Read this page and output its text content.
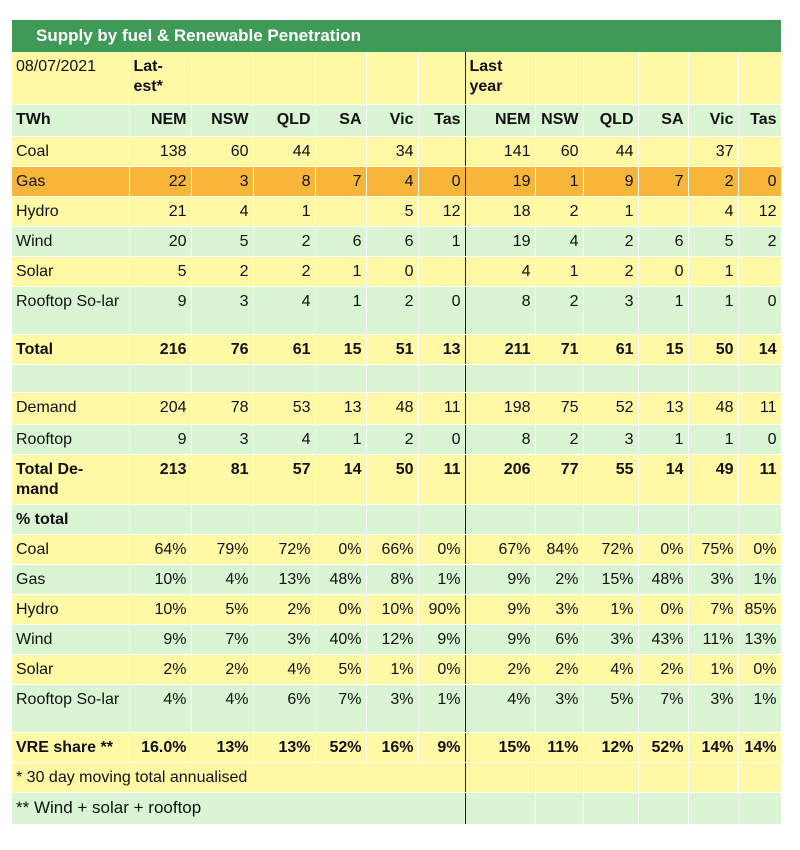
Supply by fuel & Renewable Penetration
08/07/2021	Lat-est*						Last year					
TWh	NEM	NSW	QLD	SA	Vic	Tas	NEM	NSW	QLD	SA	Vic	Tas
Coal	138	60	44		34		141	60	44		37	
Gas	22	3	8	7	4	0	19	1	9	7	2	0
Hydro	21	4	1		5	12	18	2	1		4	12
Wind	20	5	2	6	6	1	19	4	2	6	5	2
Solar	5	2	2	1	0		4	1	2	0	1	
Rooftop So-lar	9	3	4	1	2	0	8	2	3	1	1	0
Total	216	76	61	15	51	13	211	71	61	15	50	14

Demand	204	78	53	13	48	11	198	75	52	13	48	11
Rooftop	9	3	4	1	2	0	8	2	3	1	1	0
Total De-mand	213	81	57	14	50	11	206	77	55	14	49	11
% total												
Coal	64%	79%	72%	0%	66%	0%	67%	84%	72%	0%	75%	0%
Gas	10%	4%	13%	48%	8%	1%	9%	2%	15%	48%	3%	1%
Hydro	10%	5%	2%	0%	10%	90%	9%	3%	1%	0%	7%	85%
Wind	9%	7%	3%	40%	12%	9%	9%	6%	3%	43%	11%	13%
Solar	2%	2%	4%	5%	1%	0%	2%	2%	4%	2%	1%	0%
Rooftop So-lar	4%	4%	6%	7%	3%	1%	4%	3%	5%	7%	3%	1%
VRE share **	16.0%	13%	13%	52%	16%	9%	15%	11%	12%	52%	14%	14%
* 30 day moving total annualised												
** Wind + solar + rooftop												
